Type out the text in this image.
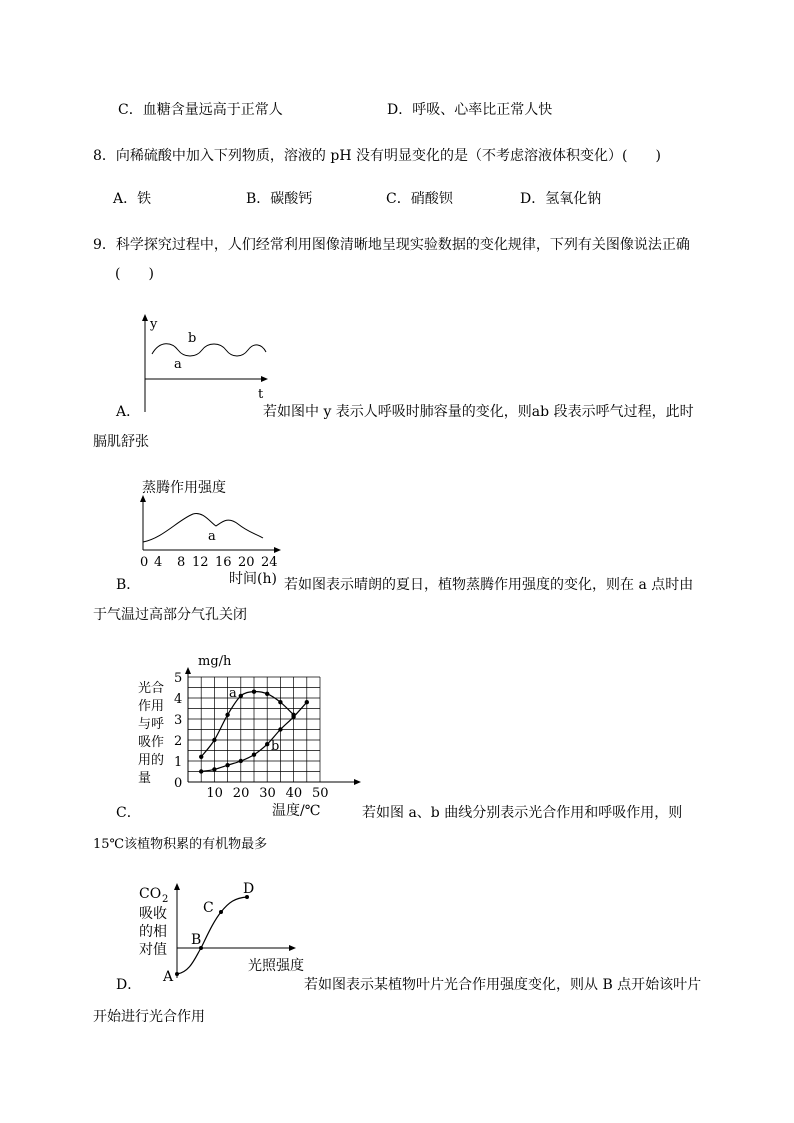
C．血糖含量远高于正常人	D．呼吸、心率比正常人快
8．向稀硫酸中加入下列物质，溶液的 pH 没有明显变化的是（不考虑溶液体积变化）(　　)
A．铁	B．碳酸钙	C．硝酸钡	D．氢氧化钠
9．科学探究过程中，人们经常利用图像清晰地呈现实验数据的变化规律，下列有关图像说法正确
(　　)
y
t
b
a
A．	若如图中 y 表示人呼吸时肺容量的变化，则ab 段表示呼气过程，此时
膈肌舒张
蒸腾作用强度
a
0 4 8 12 16 20 24
时间(h)
B．	若如图表示晴朗的夏日，植物蒸腾作用强度的变化，则在 a 点时由
于气温过高部分气孔关闭
mg/h
光合
作用
与呼
吸作
用的
量
10 20 30 40 50
0
1
2
3
4
5
温度/℃
a
b
C．	若如图 a、b 曲线分别表示光合作用和呼吸作用，则
15℃该植物积累的有机物最多
CO 2
吸收
的相
对值
A
B
C
D
光照强度
D．	若如图表示某植物叶片光合作用强度变化，则从 B 点开始该叶片
开始进行光合作用
